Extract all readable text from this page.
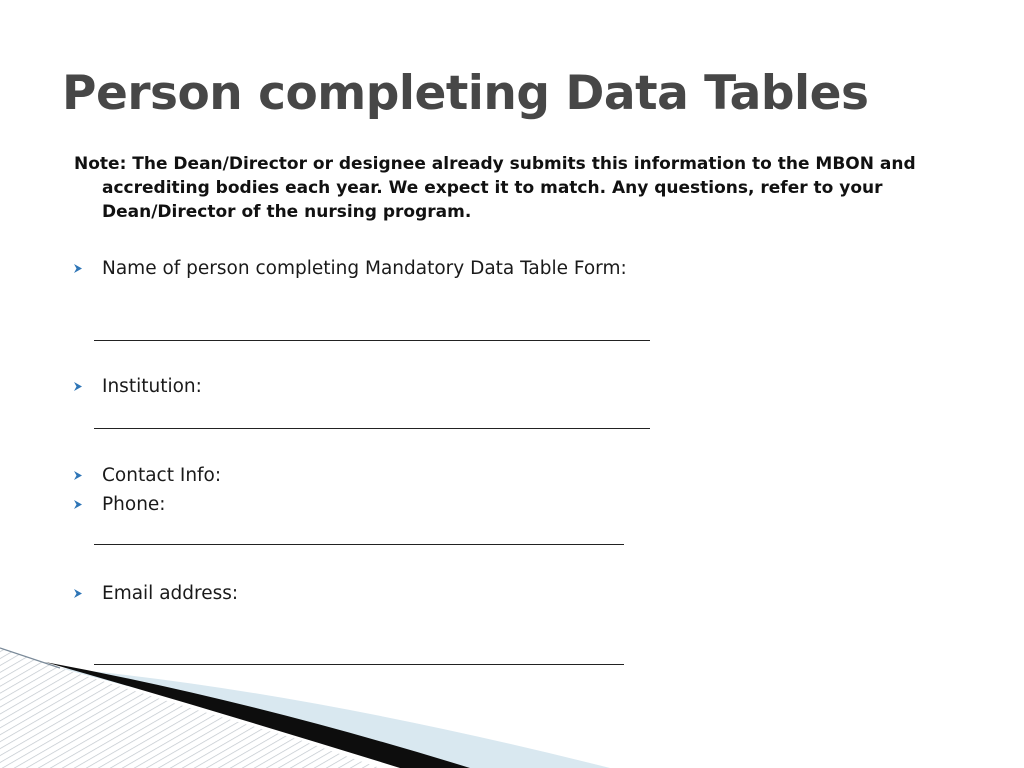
Person completing Data Tables
Note: The Dean/Director or designee already submits this information to the MBON and accrediting bodies each year. We expect it to match. Any questions, refer to your Dean/Director of the nursing program.
Name of person completing Mandatory Data Table Form:
Institution:
Contact Info:
Phone:
Email address:
